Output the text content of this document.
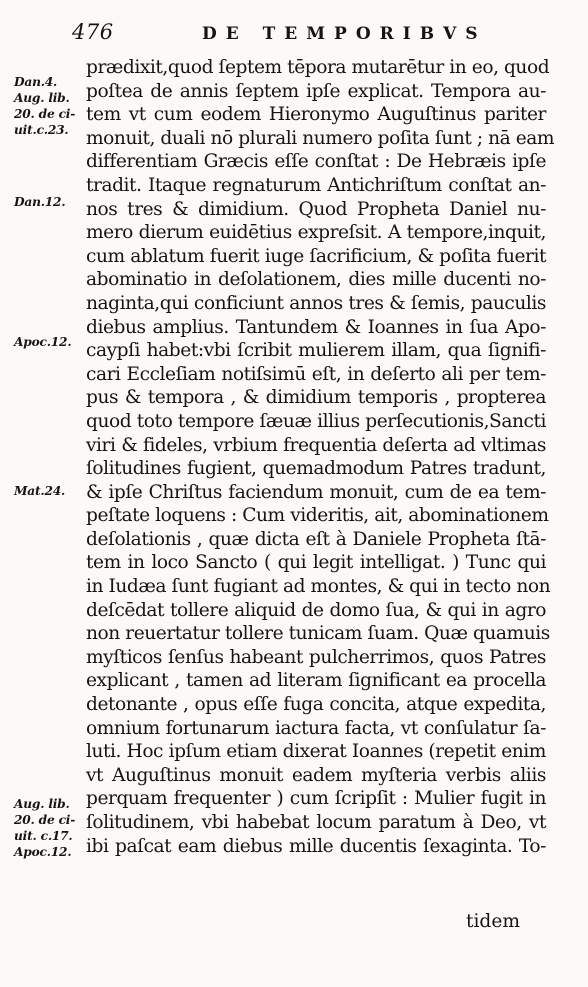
476	DE TEMPORIBVS
Dan.4.
Aug. lib.
20. de ci-
uit.c.23.
Dan.12.
Apoc.12.
Mat.24.
Aug. lib.
20. de ci-
uit. c.17.
Apoc.12.
prædixit,quod ſeptem tēpora mutarētur in eo, quod
poſtea de annis ſeptem ipſe explicat. Tempora au-
tem vt cum eodem Hieronymo Auguſtinus pariter
monuit, duali nō plurali numero poſita ſunt ; nā eam
differentiam Græcis eſſe conſtat : De Hebræis ipſe
tradit. Itaque regnaturum Antichriſtum conſtat an-
nos tres & dimidium. Quod Propheta Daniel nu-
mero dierum euidētius expreſsit. A tempore,inquit,
cum ablatum fuerit iuge ſacrificium, & poſita fuerit
abominatio in deſolationem, dies mille ducenti no-
naginta,qui conficiunt annos tres & ſemis, pauculis
diebus amplius. Tantundem & Ioannes in ſua Apo-
caypſi habet:vbi ſcribit mulierem illam, qua ſignifi-
cari Eccleſiam notiſsimū eſt, in deſerto ali per tem-
pus & tempora , & dimidium temporis , propterea
quod toto tempore ſæuæ illius perſecutionis,Sancti
viri & fideles, vrbium frequentia deſerta ad vltimas
ſolitudines fugient, quemadmodum Patres tradunt,
& ipſe Chriſtus faciendum monuit, cum de ea tem-
peſtate loquens : Cum videritis, ait, abominationem
deſolationis , quæ dicta eſt à Daniele Propheta ſtā-
tem in loco Sancto ( qui legit intelligat. ) Tunc qui
in Iudæa ſunt fugiant ad montes, & qui in tecto non
deſcēdat tollere aliquid de domo ſua, & qui in agro
non reuertatur tollere tunicam ſuam. Quæ quamuis
myſticos ſenſus habeant pulcherrimos, quos Patres
explicant , tamen ad literam ſignificant ea procella
detonante , opus eſſe fuga concita, atque expedita,
omnium fortunarum iactura facta, vt conſulatur ſa-
luti. Hoc ipſum etiam dixerat Ioannes (repetit enim
vt Auguſtinus monuit eadem myſteria verbis aliis
perquam frequenter ) cum ſcripſit : Mulier fugit in
ſolitudinem, vbi habebat locum paratum à Deo, vt
ibi paſcat eam diebus mille ducentis ſexaginta. To-
tidem
